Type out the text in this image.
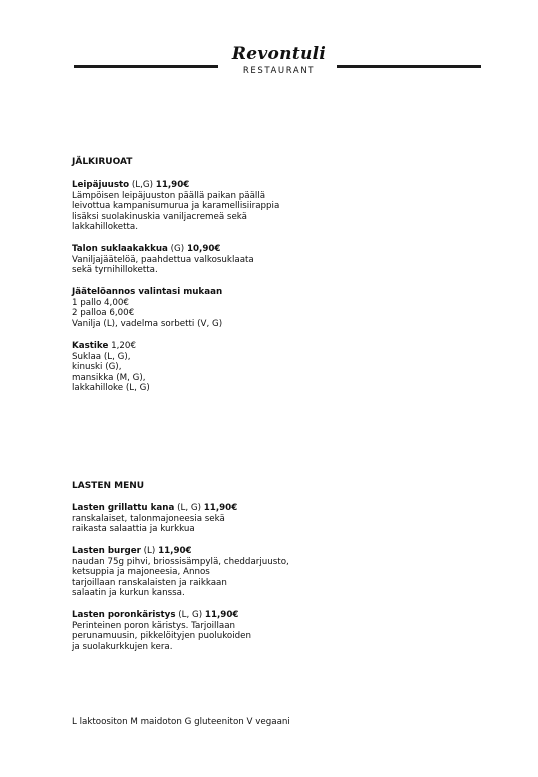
Revontuli
RESTAURANT
JÄLKIRUOAT
Leipäjuusto (L,G) 11,90€
Lämpöisen leipäjuuston päällä paikan päällä
leivottua kampanisumurua ja karamellisiirappia
lisäksi suolakinuskia vaniljacremeä sekä
lakkahilloketta.
Talon suklaakakkua (G) 10,90€
Vaniljajäätelöä, paahdettua valkosuklaata
sekä tyrnihilloketta.
Jäätelöannos valintasi mukaan
1 pallo 4,00€
2 palloa 6,00€
Vanilja (L), vadelma sorbetti (V, G)
Kastike 1,20€
Suklaa (L, G),
kinuski (G),
mansikka (M, G),
lakkahilloke (L, G)
LASTEN MENU
Lasten grillattu kana (L, G) 11,90€
ranskalaiset, talonmajoneesia sekä
raikasta salaattia ja kurkkua
Lasten burger (L) 11,90€
naudan 75g pihvi, briossisämpylä, cheddarjuusto,
ketsuppia ja majoneesia, Annos
tarjoillaan ranskalaisten ja raikkaan
salaatin ja kurkun kanssa.
Lasten poronkäristys (L, G) 11,90€
Perinteinen poron käristys. Tarjoillaan
perunamuusin, pikkelöityjen puolukoiden
ja suolakurkkujen kera.
L laktoositon M maidoton G gluteeniton V vegaani
